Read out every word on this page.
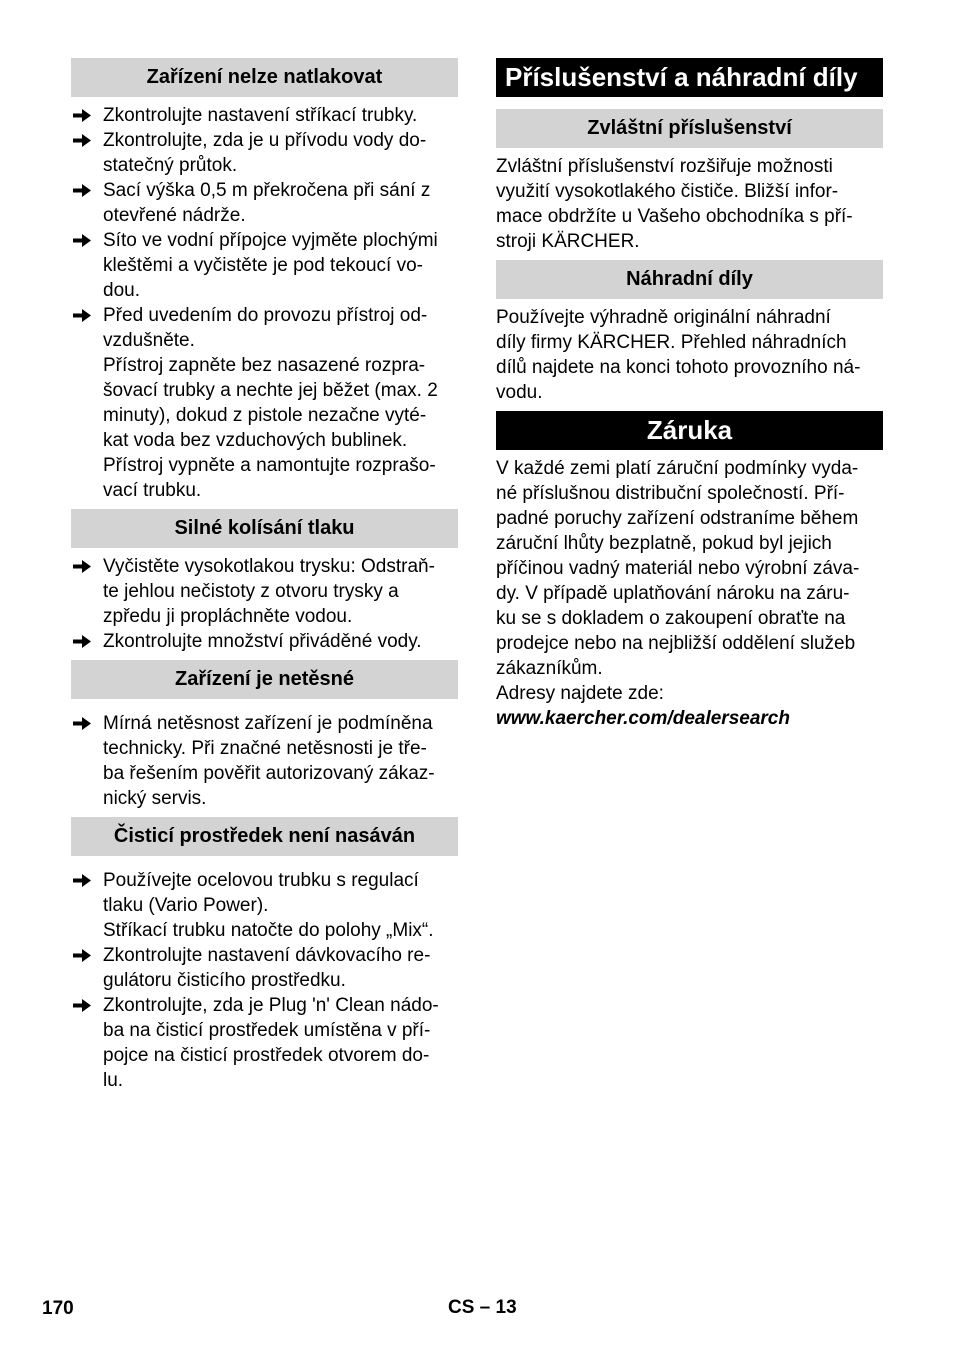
Zařízení nelze natlakovat
Zkontrolujte nastavení stříkací trubky.
Zkontrolujte, zda je u přívodu vody do-
statečný průtok.
Sací výška 0,5 m překročena při sání z
otevřené nádrže.
Síto ve vodní přípojce vyjměte plochými
kleštěmi a vyčistěte je pod tekoucí vo-
dou.
Před uvedením do provozu přístroj od-
vzdušněte.
Přístroj zapněte bez nasazené rozpra-
šovací trubky a nechte jej běžet (max. 2
minuty), dokud z pistole nezačne vyté-
kat voda bez vzduchových bublinek.
Přístroj vypněte a namontujte rozprašo-
vací trubku.
Silné kolísání tlaku
Vyčistěte vysokotlakou trysku: Odstraň-
te jehlou nečistoty z otvoru trysky a
zpředu ji propláchněte vodou.
Zkontrolujte množství přiváděné vody.
Zařízení je netěsné
Mírná netěsnost zařízení je podmíněna
technicky. Při značné netěsnosti je tře-
ba řešením pověřit autorizovaný zákaz-
nický servis.
Čisticí prostředek není nasáván
Používejte ocelovou trubku s regulací
tlaku (Vario Power).
Stříkací trubku natočte do polohy „Mix“.
Zkontrolujte nastavení dávkovacího re-
gulátoru čisticího prostředku.
Zkontrolujte, zda je Plug 'n' Clean nádo-
ba na čisticí prostředek umístěna v pří-
pojce na čisticí prostředek otvorem do-
lu.
Příslušenství a náhradní díly
Zvláštní příslušenství
Zvláštní příslušenství rozšiřuje možnosti
využití vysokotlakého čističe. Bližší infor-
mace obdržíte u Vašeho obchodníka s pří-
stroji KÄRCHER.
Náhradní díly
Používejte výhradně originální náhradní
díly firmy KÄRCHER. Přehled náhradních
dílů najdete na konci tohoto provozního ná-
vodu.
Záruka
V každé zemi platí záruční podmínky vyda-
né příslušnou distribuční společností. Pří-
padné poruchy zařízení odstraníme během
záruční lhůty bezplatně, pokud byl jejich
příčinou vadný materiál nebo výrobní záva-
dy. V případě uplatňování nároku na záru-
ku se s dokladem o zakoupení obraťte na
prodejce nebo na nejbližší oddělení služeb
zákazníkům.
Adresy najdete zde:
www.kaercher.com/dealersearch
170	CS – 13
